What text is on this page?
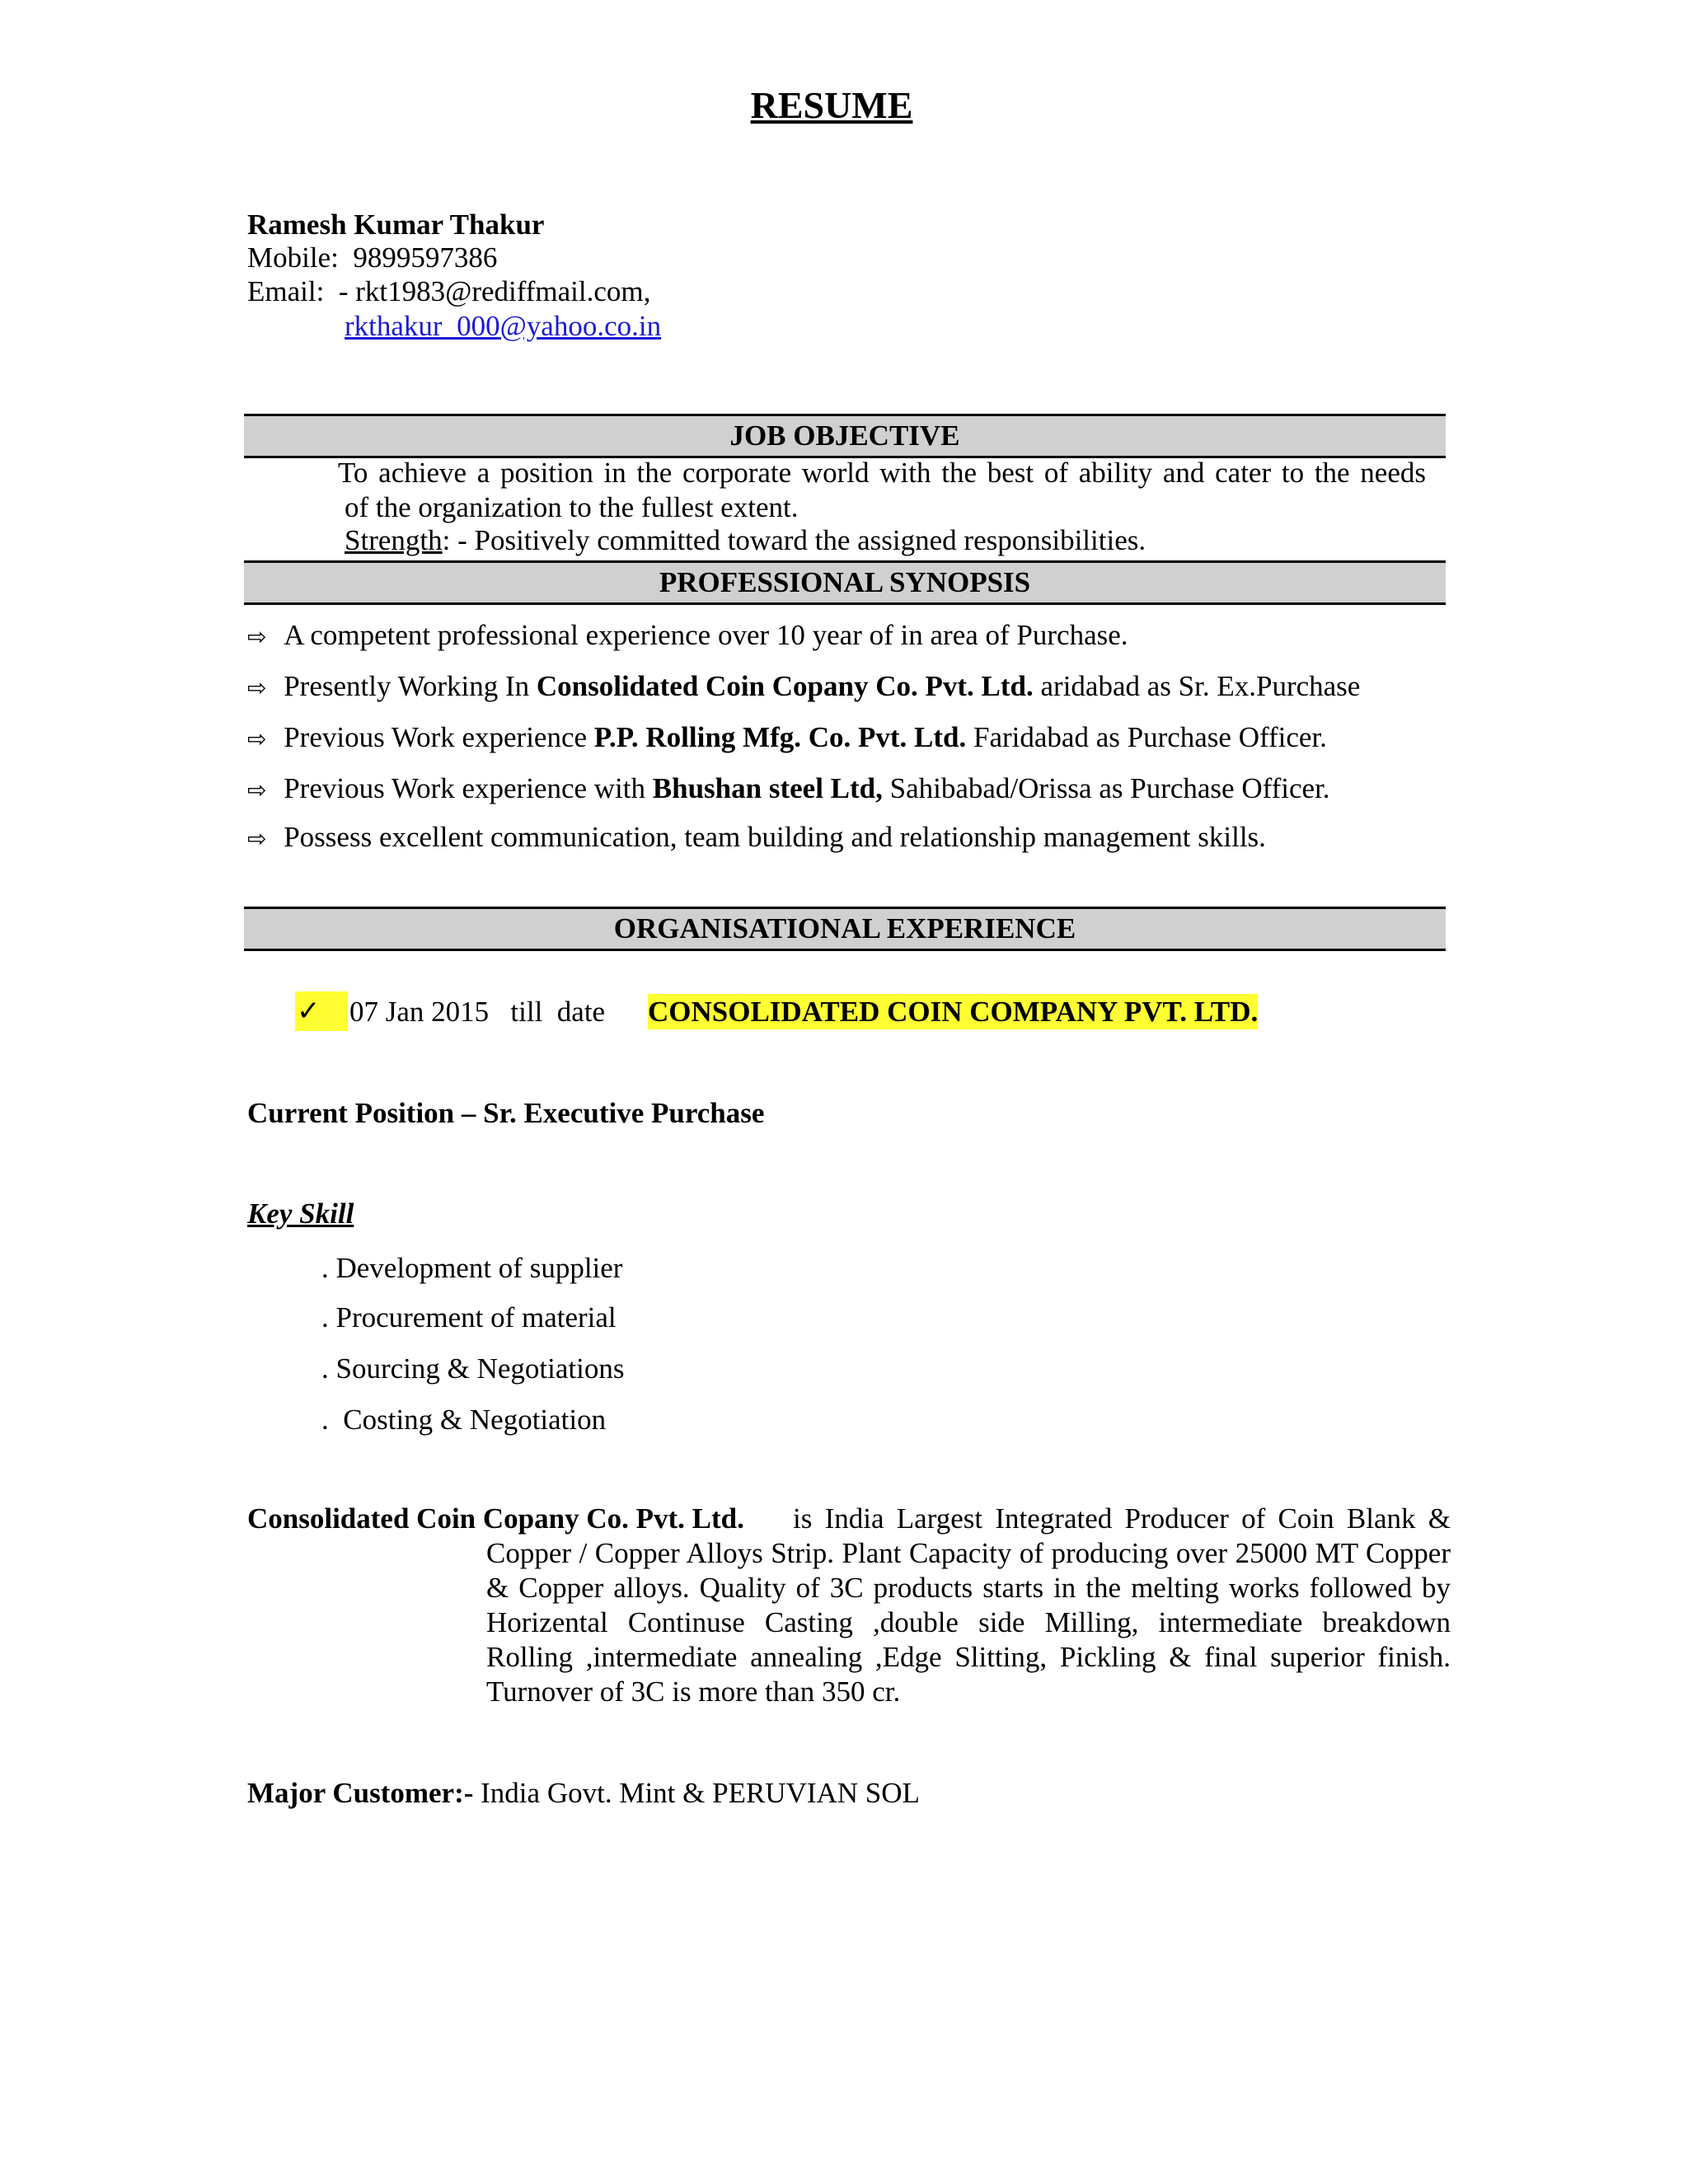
RESUME
Ramesh Kumar Thakur
Mobile: 9899597386
Email: - rkt1983@rediffmail.com,
rkthakur_000@yahoo.co.in
JOB OBJECTIVE
To achieve a position in the corporate world with the best of ability and cater to the needs
of the organization to the fullest extent.
Strength: - Positively committed toward the assigned responsibilities.
PROFESSIONAL SYNOPSIS
⇨ A competent professional experience over 10 year of in area of Purchase.
⇨ Presently Working In Consolidated Coin Copany Co. Pvt. Ltd. aridabad as Sr. Ex.Purchase
⇨ Previous Work experience P.P. Rolling Mfg. Co. Pvt. Ltd. Faridabad as Purchase Officer.
⇨ Previous Work experience with Bhushan steel Ltd, Sahibabad/Orissa as Purchase Officer.
⇨ Possess excellent communication, team building and relationship management skills.
ORGANISATIONAL EXPERIENCE
✓	07 Jan 2015   till  date CONSOLIDATED COIN COMPANY PVT. LTD.
Current Position – Sr. Executive Purchase
Key Skill
. Development of supplier
. Procurement of material
. Sourcing & Negotiations
.  Costing & Negotiation
Consolidated Coin Copany Co. Pvt. Ltd.	is India Largest Integrated Producer of Coin Blank & Copper / Copper Alloys Strip. Plant Capacity of producing over 25000 MT Copper & Copper alloys. Quality of 3C products starts in the melting works followed by Horizental Continuse Casting ,double side Milling, intermediate breakdown Rolling ,intermediate annealing ,Edge Slitting, Pickling & final superior finish. Turnover of 3C is more than 350 cr.
Major Customer:- India Govt. Mint & PERUVIAN SOL
